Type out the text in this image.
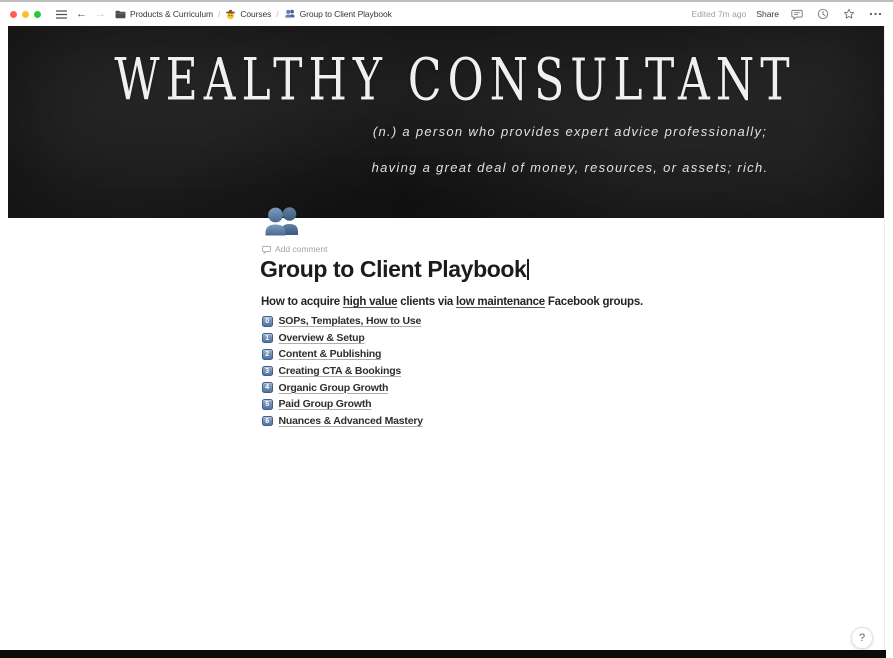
← →	Products & Curriculum / Courses / Group to Client Playbook	Edited 7m ago Share
WEALTHY CONSULTANT
(n.) a person who provides expert advice professionally;
having a great deal of money, resources, or assets; rich.
Add comment
Group to Client Playbook

How to acquire high value clients via low maintenance Facebook groups.

0 SOPs, Templates, How to Use
1 Overview & Setup
2 Content & Publishing
3 Creating CTA & Bookings
4 Organic Group Growth
5 Paid Group Growth
6 Nuances & Advanced Mastery
?
